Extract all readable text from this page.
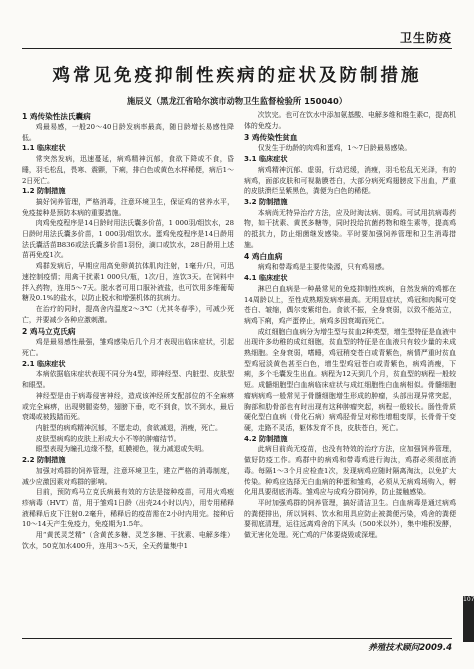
卫生防疫
鸡常见免疫抑制性疾病的症状及防制措施
施辰义（黑龙江省哈尔滨市动物卫生监督检验所 150040）
1 鸡传染性法氏囊病

鸡最易感，一般20～40日龄发病率最高，随日龄增长易感性降低。

1.1 临床症状

常突然发病，迅速蔓延，病鸡精神沉郁，食欲下降或不食，昏睡，羽毛松乱，畏寒、震颤，下痢，排白色或黄色水样稀便，病后1～2日死亡。

1.2 防制措施

搞好饲养管理，严格消毒，注意环境卫生，保证鸡的营养水平，免疫接种是预防本病的重要措施。

肉鸡免疫程序是14日龄时用法氏囊多价苗，1 000羽/组饮水，28日龄时用法氏囊多价苗，1 000羽/组饮水。蛋鸡免疫程序是14日龄用法氏囊活苗B836或法氏囊多价苗1羽份，滴口或饮水，28日龄用上述苗再免疫1次。

鸡群发病后，早期应用高免卵黄抗体肌肉注射，1毫升/只，可迅速控制疫情；用禽干扰素1 000只/瓶，1次/日，连饮3天。在饲料中拌入药物，连用5～7天。脱水者可用口服补液盐，也可饮用多维葡萄糖及0.1%的盐水，以防止脱水和增强机体的抗病力。

在治疗的同时，提高舍内温度2～3℃（尤其冬春季），可减少死亡，并要减少各种应激刺激。

2 鸡马立克氏病

鸡是最易感性最强，雏鸡感染后几个月才表现出临床症状，引起死亡。

2.1 临床症状

本病依据临床症状表现不同分为4型，即神经型、内脏型、皮肤型和眼型。

神经型是由于病毒侵害神经，造成该神经所支配部位的不全麻痹或完全麻痹，出现劈腿姿势，翅膀下垂，吃不到食，饮不到水，最后衰竭或被践踏而死。

内脏型的病鸡精神沉郁，不愿走动，食欲减退，消瘦，死亡。

皮肤型病鸡的皮肤上形成大小不等的肿瘤结节。

眼型表现为瞳孔边缘不整，虹膜褪色，视力减退或失明。

2.2 防制措施

加强对鸡群的饲养管理，注意环境卫生，建立严格的消毒制度，减少应激因素对鸡群的影响。

目前，预防鸡马立克氏病最有效的方法是接种疫苗，可用火鸡疱疹病毒（HVT）苗，用于雏鸡1日龄（出壳24小时以内），用专用稀释液稀释后皮下注射0.2毫升，稀释后的疫苗需在2小时内用完。接种后10～14天产生免疫力，免疫期为1.5年。

用“黄芪灵芝精”（含黄芪多糖、灵芝多糖、干扰素、电解多维）饮水，50克加水400升，连用3～5天，全天药量集中1

次饮完。也可在饮水中添加氨基酸、电解多维和维生素C，提高机体的免疫力。

3 鸡传染性贫血

仅发生于幼龄的肉鸡和蛋鸡，1～7日龄最易感染。

3.1 临床症状

病鸡精神沉郁、虚弱，行动迟缓，消瘦，羽毛松乱无光泽，有的病鸡，面部皮肤和可视黏膜苍白，大部分病死鸡翅膀皮下出血，严重的皮肤溃烂呈紫黑色，粪便为白色的稀便。

3.2 防制措施

本病尚无特异治疗方法，应及时淘汰病、弱鸡。可试用抗病毒药物，如干扰素、黄芪多糖等，同时投给抗菌药物和维生素等，提高鸡的抵抗力，防止细菌继发感染。平时要加强饲养管理和卫生消毒措施。

4 鸡白血病

病鸡和带毒鸡是主要传染源，只有鸡易感。

4.1 临床症状

淋巴白血病是一种最常见的免疫抑制性疾病，自然发病的鸡都在14周龄以上，至性成熟期发病率最高。无明显症状，鸡冠和肉髯可变苍白、皱缩，偶尔变紫绀色。食欲不振，全身衰弱，以致不能站立，病鸡下痢，鸡产蛋停止，病鸡多因衰竭而死亡。

成红细胞白血病分为增生型与贫血2种类型，增生型特征是血液中出现许多幼稚的成红细胞，贫血型的特征是在血液只有较少量的未成熟细胞。全身衰弱，嗜睡，鸡冠稍变苍白或青紫色，病情严重时贫血型鸡冠淡黄色甚至白色，增生型鸡冠苍白或青紫色，病鸡消瘦，下痢，多个毛囊发生出血。病程为12天到几个月，贫血型的病程一般较短。成髓细胞型白血病临床症状与成红细胞性白血病相似。骨髓细胞瘤病病鸡一般常见于骨髓细胞增生形成的肿瘤，头部出现异常突起，胸部和肋骨部也有时出现有这种肿瘤突起，病程一般较长。肠性骨质硬化型白血病（骨化石病）病鸡胫骨呈对称性增粗变厚，长骨骨干变硬，走路不灵活，躯体发育不良，皮肤苍白，死亡。

4.2 防制措施

此病目前尚无疫苗，也没有特效的治疗方法，应加强饲养管理，做好防疫工作。鸡群中的病鸡和带毒鸡进行淘汰，鸡群必须彻底消毒。每隔1～3个月应检查1次，发现病鸡应随时隔离淘汰，以免扩大传染。种鸡应选择无白血病的种蛋和雏鸡，必须从无病鸡场购入，孵化用具要彻底消毒。雏鸡应与成鸡分群饲养，防止接触感染。

平时加强鸡群的饲养管理，搞好清洁卫生。白血病毒是通过病鸡的粪便排出，所以饲料、饮水和用具应防止被粪便污染，鸡舍的粪便要彻底清理，运往远离鸡舍的下风头（500米以外），集中堆积发酵，做无害化处理。死亡鸡的尸体要烧毁或深埋。

107
养殖技术顾问2009.4
